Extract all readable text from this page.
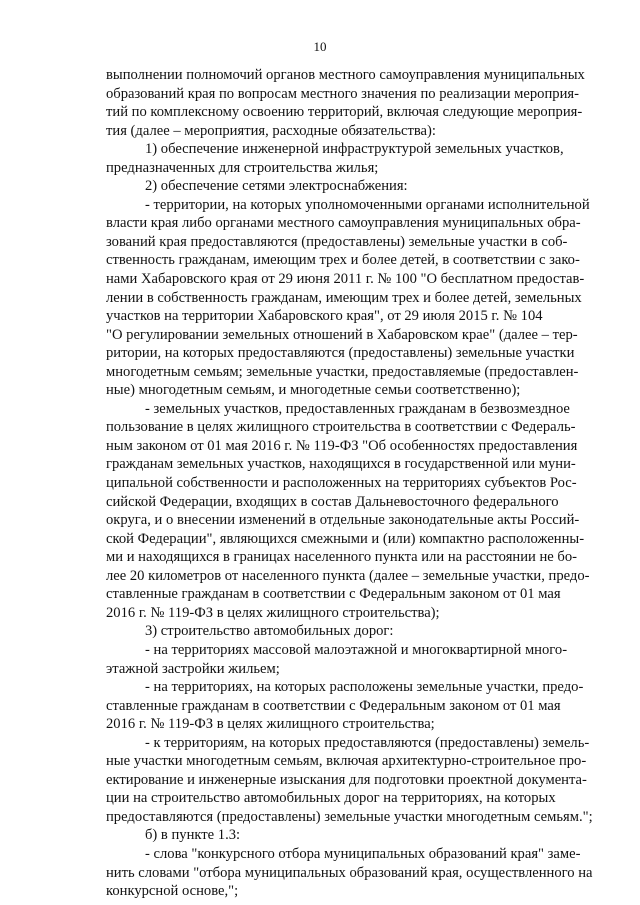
10
выполнении полномочий органов местного самоуправления муниципальных
образований края по вопросам местного значения по реализации мероприя-
тий по комплексному освоению территорий, включая следующие мероприя-
тия (далее – мероприятия, расходные обязательства):
1) обеспечение инженерной инфраструктурой земельных участков,
предназначенных для строительства жилья;
2) обеспечение сетями электроснабжения:
- территории, на которых уполномоченными органами исполнительной
власти края либо органами местного самоуправления муниципальных обра-
зований края предоставляются (предоставлены) земельные участки в соб-
ственность гражданам, имеющим трех и более детей, в соответствии с зако-
нами Хабаровского края от 29 июня 2011 г. № 100 "О бесплатном предостав-
лении в собственность гражданам, имеющим трех и более детей, земельных
участков на территории Хабаровского края", от 29 июля 2015 г. № 104
"О регулировании земельных отношений в Хабаровском крае" (далее – тер-
ритории, на которых предоставляются (предоставлены) земельные участки
многодетным семьям; земельные участки, предоставляемые (предоставлен-
ные) многодетным семьям, и многодетные семьи соответственно);
- земельных участков, предоставленных гражданам в безвозмездное
пользование в целях жилищного строительства в соответствии с Федераль-
ным законом от 01 мая 2016 г. № 119-ФЗ "Об особенностях предоставления
гражданам земельных участков, находящихся в государственной или муни-
ципальной собственности и расположенных на территориях субъектов Рос-
сийской Федерации, входящих в состав Дальневосточного федерального
округа, и о внесении изменений в отдельные законодательные акты Россий-
ской Федерации", являющихся смежными и (или) компактно расположенны-
ми и находящихся в границах населенного пункта или на расстоянии не бо-
лее 20 километров от населенного пункта (далее – земельные участки, предо-
ставленные гражданам в соответствии с Федеральным законом от 01 мая
2016 г. № 119-ФЗ в целях жилищного строительства);
3) строительство автомобильных дорог:
- на территориях массовой малоэтажной и многоквартирной много-
этажной застройки жильем;
- на территориях, на которых расположены земельные участки, предо-
ставленные гражданам в соответствии с Федеральным законом от 01 мая
2016 г. № 119-ФЗ в целях жилищного строительства;
- к территориям, на которых предоставляются (предоставлены) земель-
ные участки многодетным семьям, включая архитектурно-строительное про-
ектирование и инженерные изыскания для подготовки проектной документа-
ции на строительство автомобильных дорог на территориях, на которых
предоставляются (предоставлены) земельные участки многодетным семьям.";
б) в пункте 1.3:
- слова "конкурсного отбора муниципальных образований края" заме-
нить словами "отбора муниципальных образований края, осуществленного на
конкурсной основе,";
